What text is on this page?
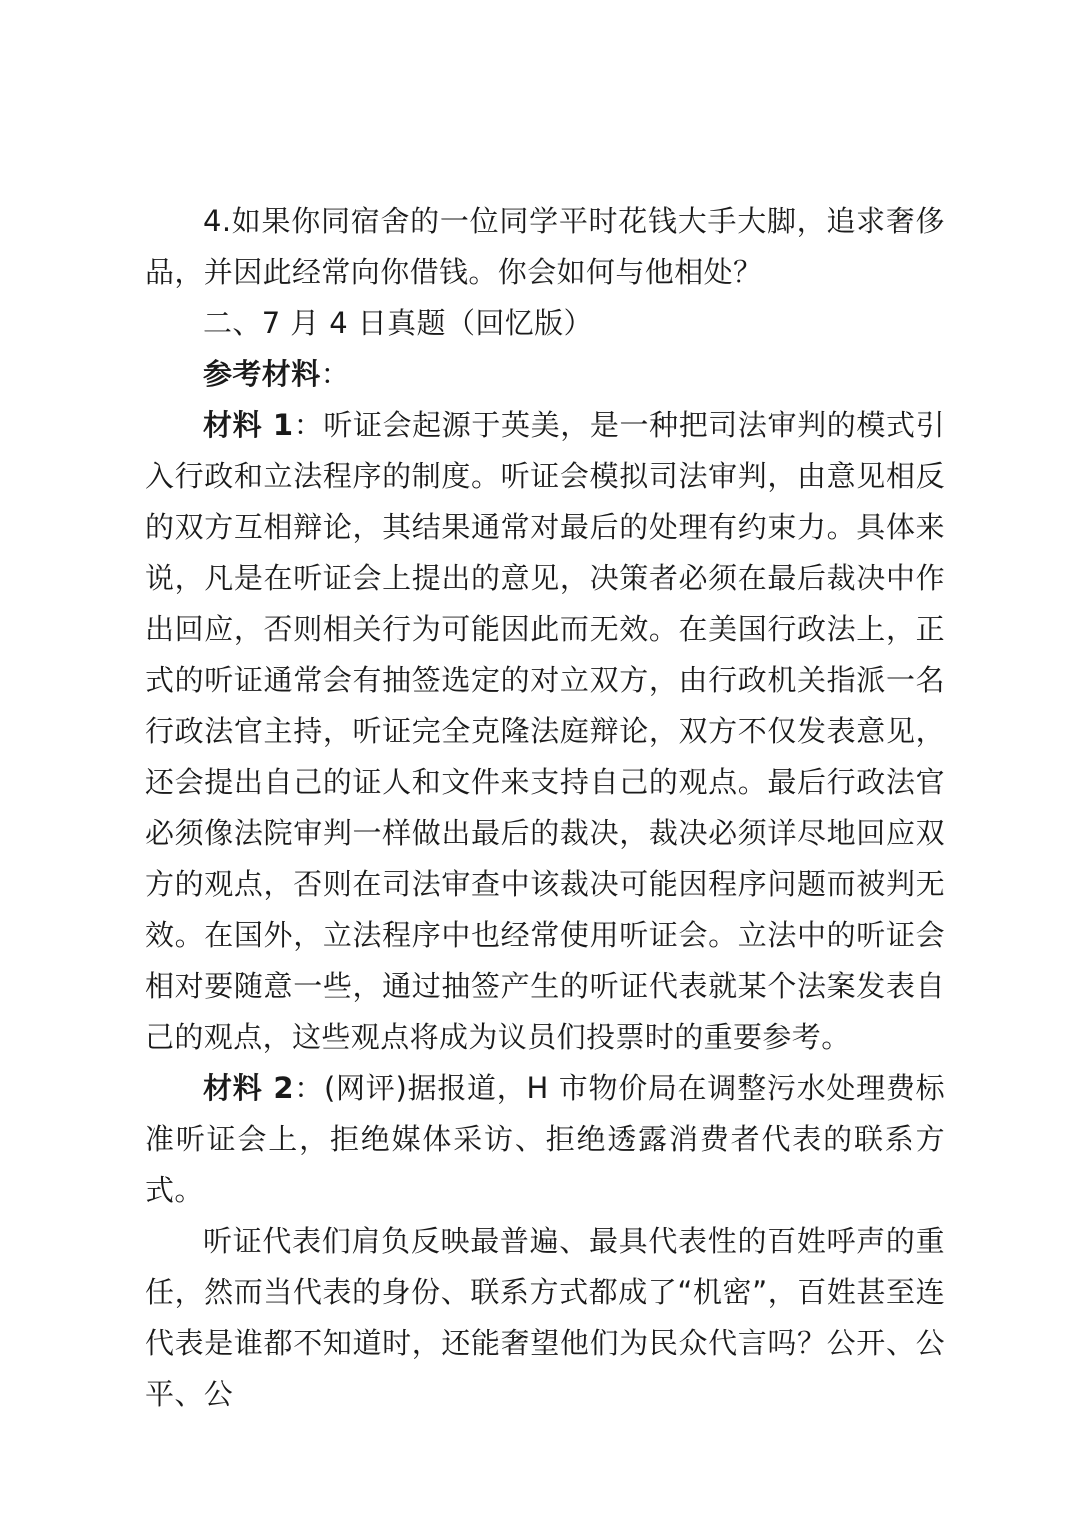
4.如果你同宿舍的一位同学平时花钱大手大脚，追求奢侈品，并因此经常向你借钱。你会如何与他相处？

二、7 月 4 日真题（回忆版）

参考材料：

材料 1：听证会起源于英美，是一种把司法审判的模式引入行政和立法程序的制度。听证会模拟司法审判，由意见相反的双方互相辩论，其结果通常对最后的处理有约束力。具体来说，凡是在听证会上提出的意见，决策者必须在最后裁决中作出回应，否则相关行为可能因此而无效。在美国行政法上，正式的听证通常会有抽签选定的对立双方，由行政机关指派一名行政法官主持，听证完全克隆法庭辩论，双方不仅发表意见，还会提出自己的证人和文件来支持自己的观点。最后行政法官必须像法院审判一样做出最后的裁决，裁决必须详尽地回应双方的观点，否则在司法审查中该裁决可能因程序问题而被判无效。在国外，立法程序中也经常使用听证会。立法中的听证会相对要随意一些，通过抽签产生的听证代表就某个法案发表自己的观点，这些观点将成为议员们投票时的重要参考。

材料 2：(网评)据报道，H 市物价局在调整污水处理费标准听证会上，拒绝媒体采访、拒绝透露消费者代表的联系方式。

听证代表们肩负反映最普遍、最具代表性的百姓呼声的重任，然而当代表的身份、联系方式都成了“机密”，百姓甚至连代表是谁都不知道时，还能奢望他们为民众代言吗？公开、公平、公
